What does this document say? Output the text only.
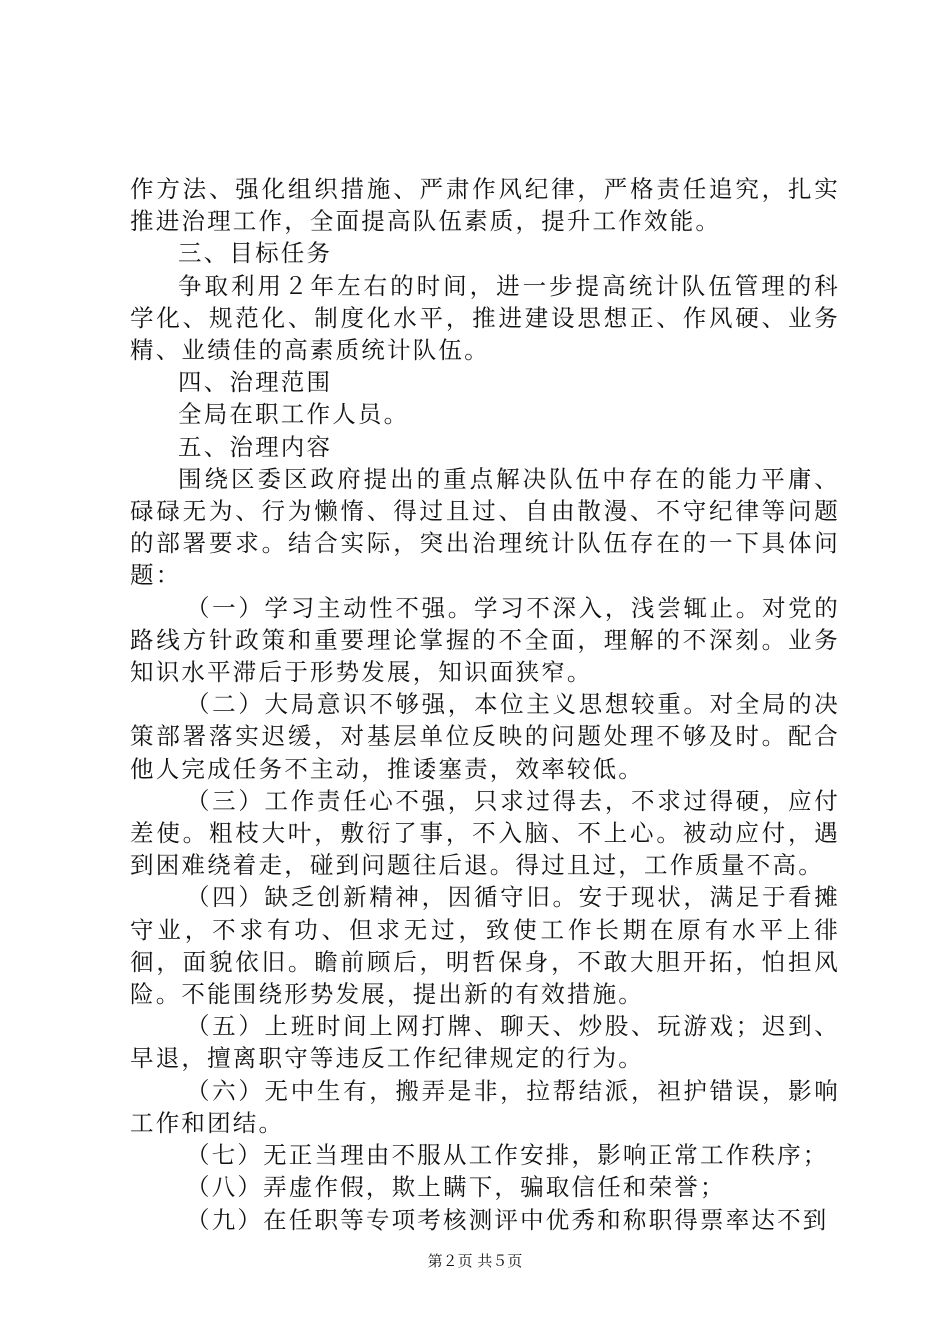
作方法、强化组织措施、严肃作风纪律，严格责任追究，扎实推进治理工作，全面提高队伍素质，提升工作效能。

三、目标任务

争取利用２年左右的时间，进一步提高统计队伍管理的科学化、规范化、制度化水平，推进建设思想正、作风硬、业务精、业绩佳的高素质统计队伍。

四、治理范围

全局在职工作人员。

五、治理内容

围绕区委区政府提出的重点解决队伍中存在的能力平庸、碌碌无为、行为懒惰、得过且过、自由散漫、不守纪律等问题的部署要求。结合实际，突出治理统计队伍存在的一下具体问题：

（一）学习主动性不强。学习不深入，浅尝辄止。对党的路线方针政策和重要理论掌握的不全面，理解的不深刻。业务知识水平滞后于形势发展，知识面狭窄。

（二）大局意识不够强，本位主义思想较重。对全局的决策部署落实迟缓，对基层单位反映的问题处理不够及时。配合他人完成任务不主动，推诿塞责，效率较低。

（三）工作责任心不强，只求过得去，不求过得硬，应付差使。粗枝大叶，敷衍了事，不入脑、不上心。被动应付，遇到困难绕着走，碰到问题往后退。得过且过，工作质量不高。

（四）缺乏创新精神，因循守旧。安于现状，满足于看摊守业，不求有功、但求无过，致使工作长期在原有水平上徘徊，面貌依旧。瞻前顾后，明哲保身，不敢大胆开拓，怕担风险。不能围绕形势发展，提出新的有效措施。

（五）上班时间上网打牌、聊天、炒股、玩游戏；迟到、早退，擅离职守等违反工作纪律规定的行为。

（六）无中生有，搬弄是非，拉帮结派，袒护错误，影响工作和团结。

（七）无正当理由不服从工作安排，影响正常工作秩序；

（八）弄虚作假，欺上瞒下，骗取信任和荣誉；

（九）在任职等专项考核测评中优秀和称职得票率达不到

第２页 共５页
